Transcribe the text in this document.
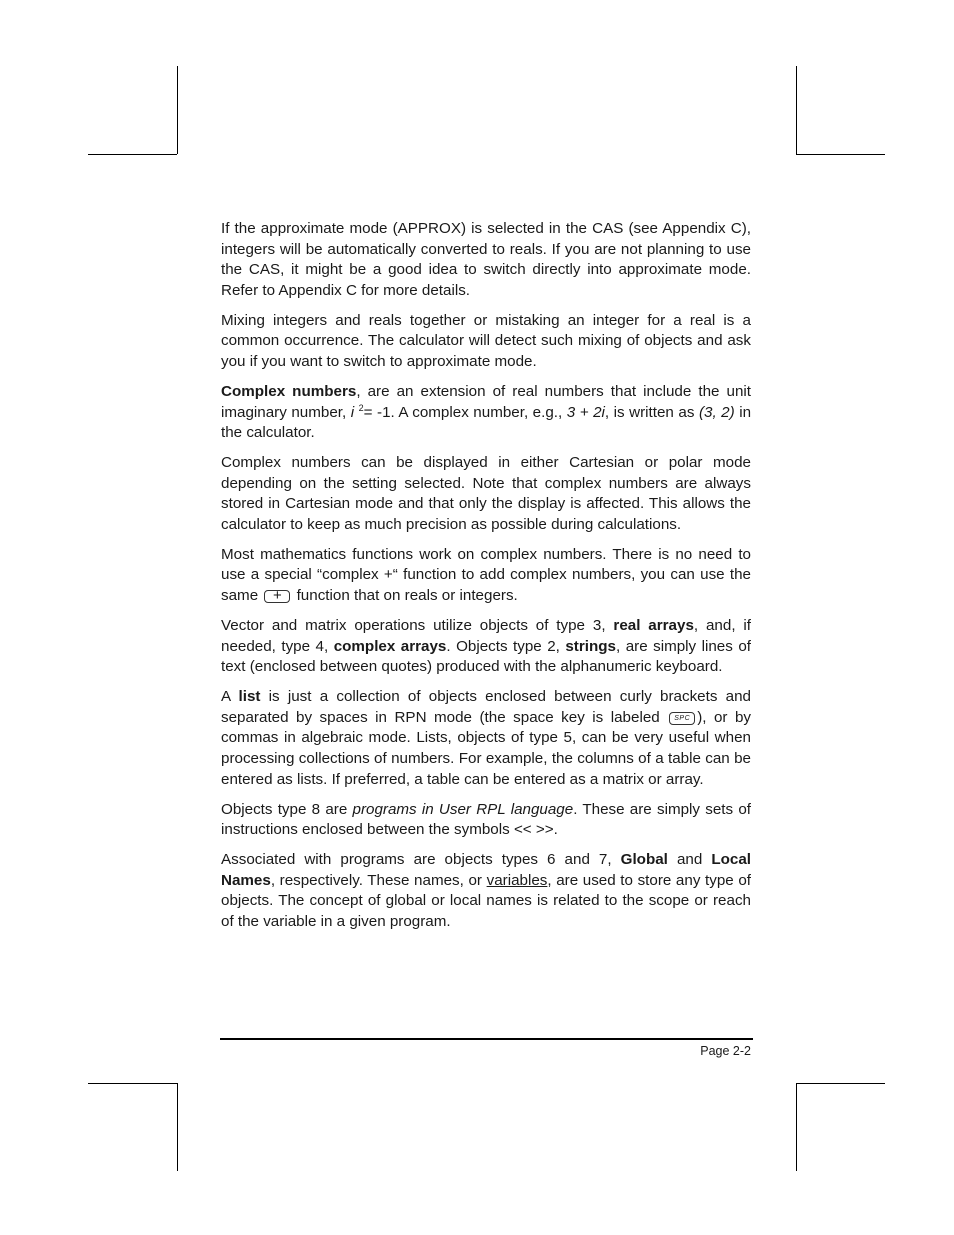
If the approximate mode (APPROX) is selected in the CAS (see Appendix C), integers will be automatically converted to reals. If you are not planning to use the CAS, it might be a good idea to switch directly into approximate mode. Refer to Appendix C for more details.

Mixing integers and reals together or mistaking an integer for a real is a common occurrence. The calculator will detect such mixing of objects and ask you if you want to switch to approximate mode.

Complex numbers, are an extension of real numbers that include the unit imaginary number, i $^2$= -1. A complex number, e.g., 3 + 2i, is written as (3, 2) in the calculator.

Complex numbers can be displayed in either Cartesian or polar mode depending on the setting selected. Note that complex numbers are always stored in Cartesian mode and that only the display is affected. This allows the calculator to keep as much precision as possible during calculations.

Most mathematics functions work on complex numbers. There is no need to use a special “complex +“ function to add complex numbers, you can use the same + function that on reals or integers.

Vector and matrix operations utilize objects of type 3, real arrays, and, if needed, type 4, complex arrays. Objects type 2, strings, are simply lines of text (enclosed between quotes) produced with the alphanumeric keyboard.

A list is just a collection of objects enclosed between curly brackets and separated by spaces in RPN mode (the space key is labeled	SPC ), or by commas in algebraic mode. Lists, objects of type 5, can be very useful when processing collections of numbers. For example, the columns of a table can be entered as lists. If preferred, a table can be entered as a matrix or array.

Objects type 8 are programs in User RPL language. These are simply sets of instructions enclosed between the symbols << >>.

Associated with programs are objects types 6 and 7, Global and Local Names, respectively. These names, or variables, are used to store any type of objects. The concept of global or local names is related to the scope or reach of the variable in a given program.

Page 2-2
